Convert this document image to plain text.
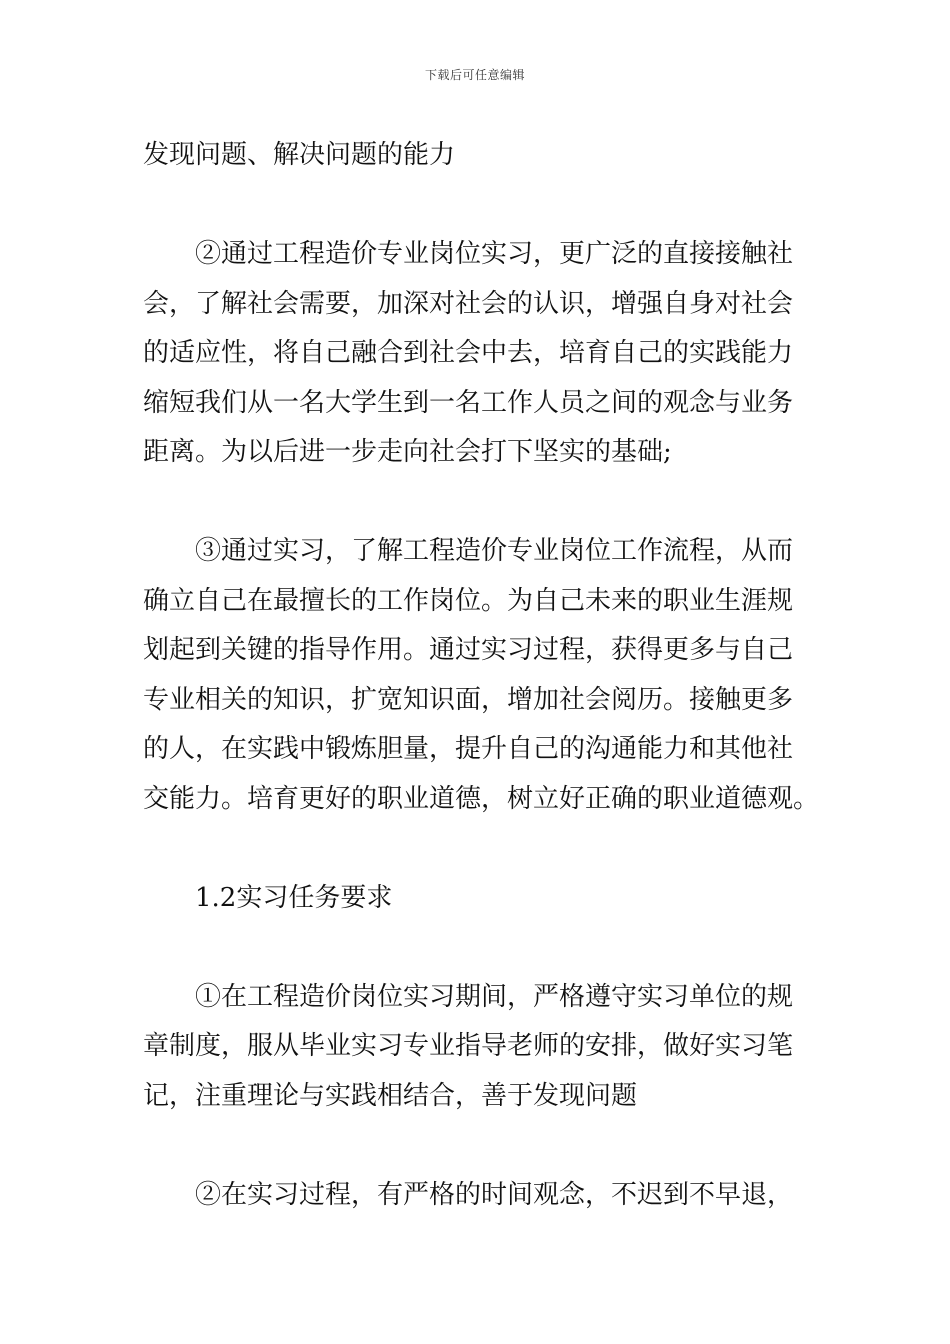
下载后可任意编辑
发现问题、解决问题的能力
②通过工程造价专业岗位实习，更广泛的直接接触社
会，了解社会需要，加深对社会的认识，增强自身对社会
的适应性，将自己融合到社会中去，培育自己的实践能力
缩短我们从一名大学生到一名工作人员之间的观念与业务
距离。为以后进一步走向社会打下坚实的基础;
③通过实习，了解工程造价专业岗位工作流程，从而
确立自己在最擅长的工作岗位。为自己未来的职业生涯规
划起到关键的指导作用。通过实习过程，获得更多与自己
专业相关的知识，扩宽知识面，增加社会阅历。接触更多
的人，在实践中锻炼胆量，提升自己的沟通能力和其他社
交能力。培育更好的职业道德，树立好正确的职业道德观。
1.2实习任务要求
①在工程造价岗位实习期间，严格遵守实习单位的规
章制度，服从毕业实习专业指导老师的安排，做好实习笔
记，注重理论与实践相结合，善于发现问题
②在实习过程，有严格的时间观念，不迟到不早退，
